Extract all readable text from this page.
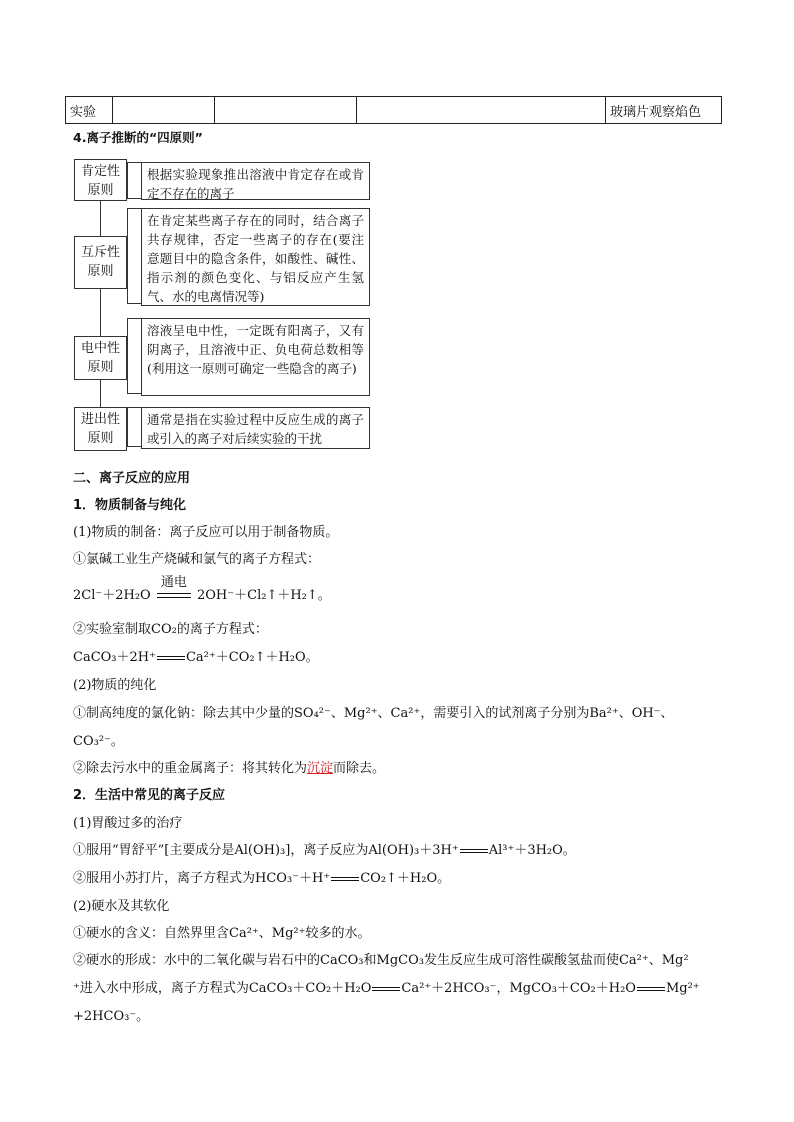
实验				玻璃片观察焰色
4.离子推断的“四原则”
肯定性
原则
根据实验现象推出溶液中肯定存在或肯定不存在的离子
互斥性
原则
在肯定某些离子存在的同时，结合离子共存规律，否定一些离子的存在(要注意题目中的隐含条件，如酸性、碱性、指示剂的颜色变化、与铝反应产生氢气、水的电离情况等)
电中性
原则
溶液呈电中性，一定既有阳离子，又有阴离子，且溶液中正、负电荷总数相等(利用这一原则可确定一些隐含的离子)
进出性
原则
通常是指在实验过程中反应生成的离子或引入的离子对后续实验的干扰
二、离子反应的应用
1．物质制备与纯化
(1)物质的制备：离子反应可以用于制备物质。
①氯碱工业生产烧碱和氯气的离子方程式：
2Cl⁻＋2H₂O
通电
2OH⁻＋Cl₂↑＋H₂↑。
②实验室制取CO₂的离子方程式：
CaCO₃＋2H⁺ Ca²⁺＋CO₂↑＋H₂O。
(2)物质的纯化
①制高纯度的氯化钠：除去其中少量的SO₄²⁻、Mg²⁺、Ca²⁺，需要引入的试剂离子分别为Ba²⁺、OH⁻、
CO₃²⁻。
②除去污水中的重金属离子：将其转化为沉淀而除去。
2．生活中常见的离子反应
(1)胃酸过多的治疗
①服用“胃舒平”[主要成分是Al(OH)₃]，离子反应为Al(OH)₃＋3H⁺ Al³⁺＋3H₂O。
②服用小苏打片，离子方程式为HCO₃⁻＋H⁺ CO₂↑＋H₂O。
(2)硬水及其软化
①硬水的含义：自然界里含Ca²⁺、Mg²⁺较多的水。
②硬水的形成：水中的二氧化碳与岩石中的CaCO₃和MgCO₃发生反应生成可溶性碳酸氢盐而使Ca²⁺、Mg²
⁺进入水中形成，离子方程式为CaCO₃＋CO₂＋H₂O Ca²⁺＋2HCO₃⁻，MgCO₃＋CO₂＋H₂O Mg²⁺
+2HCO₃⁻。
